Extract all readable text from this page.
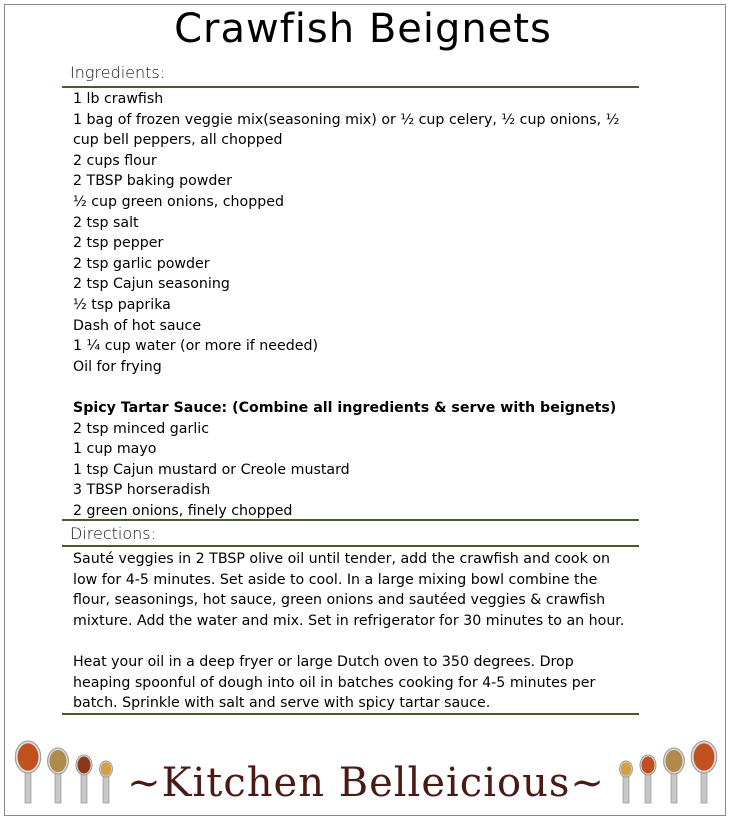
Crawfish Beignets
Ingredients:
1 lb crawfish
1 bag of frozen veggie mix(seasoning mix) or ½ cup celery, ½ cup onions, ½ cup bell peppers, all chopped
2 cups flour
2 TBSP baking powder
½ cup green onions, chopped
2 tsp salt
2 tsp pepper
2 tsp garlic powder
2 tsp Cajun seasoning
½ tsp paprika
Dash of hot sauce
1 ¼ cup water (or more if needed)
Oil for frying
Spicy Tartar Sauce: (Combine all ingredients & serve with beignets)
2 tsp minced garlic
1 cup mayo
1 tsp Cajun mustard or Creole mustard
3 TBSP horseradish
2 green onions, finely chopped
Directions:
Sauté veggies in 2 TBSP olive oil until tender, add the crawfish and cook on low for 4-5 minutes. Set aside to cool. In a large mixing bowl combine the flour, seasonings, hot sauce, green onions and sautéed veggies & crawfish mixture. Add the water and mix. Set in refrigerator for 30 minutes to an hour.
Heat your oil in a deep fryer or large Dutch oven to 350 degrees. Drop heaping spoonful of dough into oil in batches cooking for 4-5 minutes per batch. Sprinkle with salt and serve with spicy tartar sauce.
~Kitchen Belleicious~
